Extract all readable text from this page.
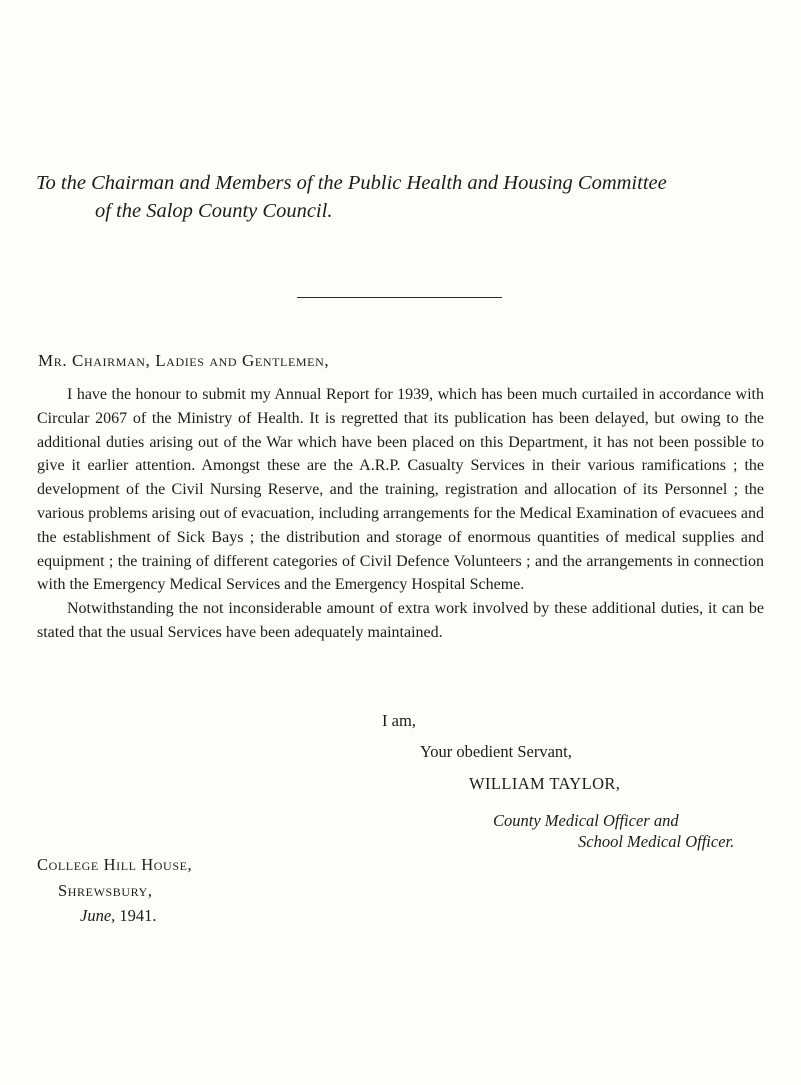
To the Chairman and Members of the Public Health and Housing Committee
of the Salop County Council.
Mr. Chairman, Ladies and Gentlemen,

I have the honour to submit my Annual Report for 1939, which has been much curtailed in accordance with Circular 2067 of the Ministry of Health. It is regretted that its publication has been delayed, but owing to the additional duties arising out of the War which have been placed on this Department, it has not been possible to give it earlier attention. Amongst these are the A.R.P. Casualty Services in their various ramifications ; the development of the Civil Nursing Reserve, and the training, registration and allocation of its Personnel ; the various problems arising out of evacuation, including arrangements for the Medical Examination of evacuees and the establishment of Sick Bays ; the distribution and storage of enormous quantities of medical supplies and equipment ; the training of different categories of Civil Defence Volunteers ; and the arrangements in connection with the Emergency Medical Services and the Emergency Hospital Scheme.

Notwithstanding the not inconsiderable amount of extra work involved by these additional duties, it can be stated that the usual Services have been adequately maintained.

I am,
Your obedient Servant,
WILLIAM TAYLOR,
County Medical Officer and
School Medical Officer.
College Hill House,
Shrewsbury,
June, 1941.
